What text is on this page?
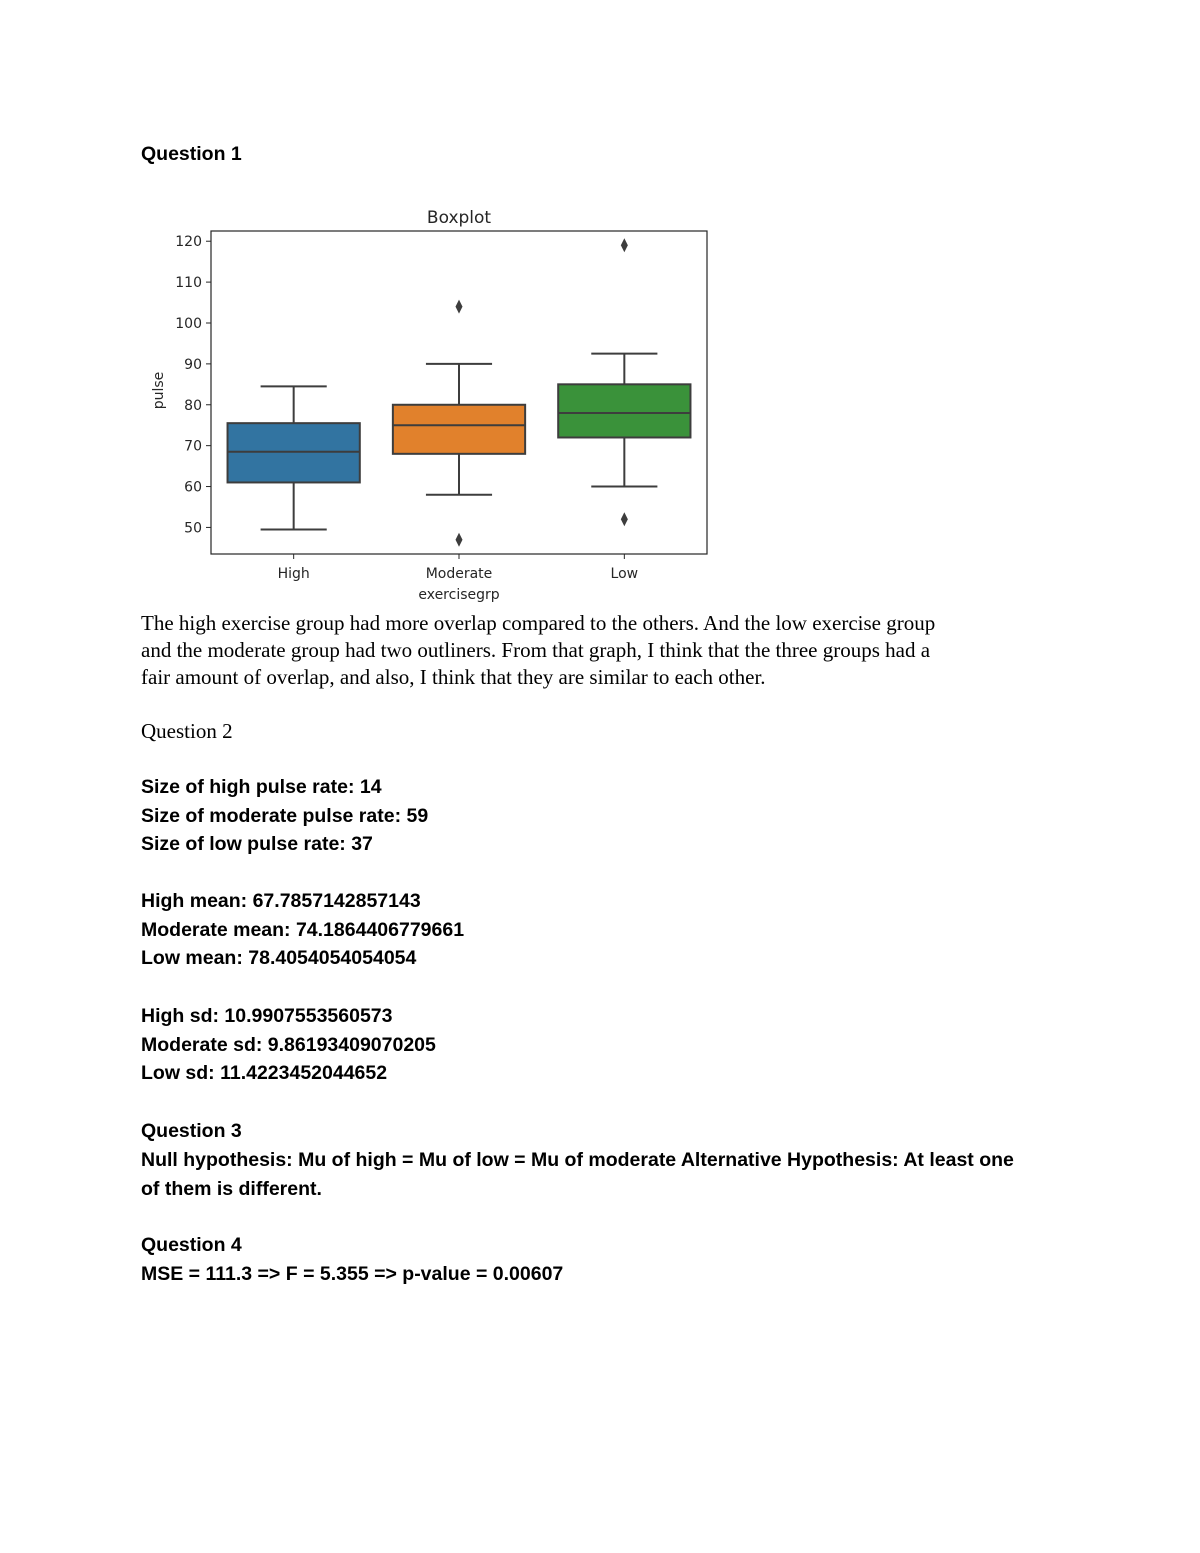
Question 1
Boxplot
50
60
70
80
90
100
110
120
High	Moderate	Low
exercisegrp
pulse

The high exercise group had more overlap compared to the others. And the low exercise group

and the moderate group had two outliners. From that graph, I think that the three groups had a

fair amount of overlap, and also, I think that they are similar to each other.

Question 2

Size of high pulse rate: 14

Size of moderate pulse rate: 59

Size of low pulse rate: 37

High mean: 67.7857142857143

Moderate mean: 74.1864406779661

Low mean: 78.4054054054054

High sd: 10.9907553560573

Moderate sd: 9.86193409070205

Low sd: 11.4223452044652

Question 3

Null hypothesis: Mu of high = Mu of low = Mu of moderate Alternative Hypothesis: At least one

of them is different.

Question 4

MSE = 111.3 => F = 5.355 => p-value = 0.00607
